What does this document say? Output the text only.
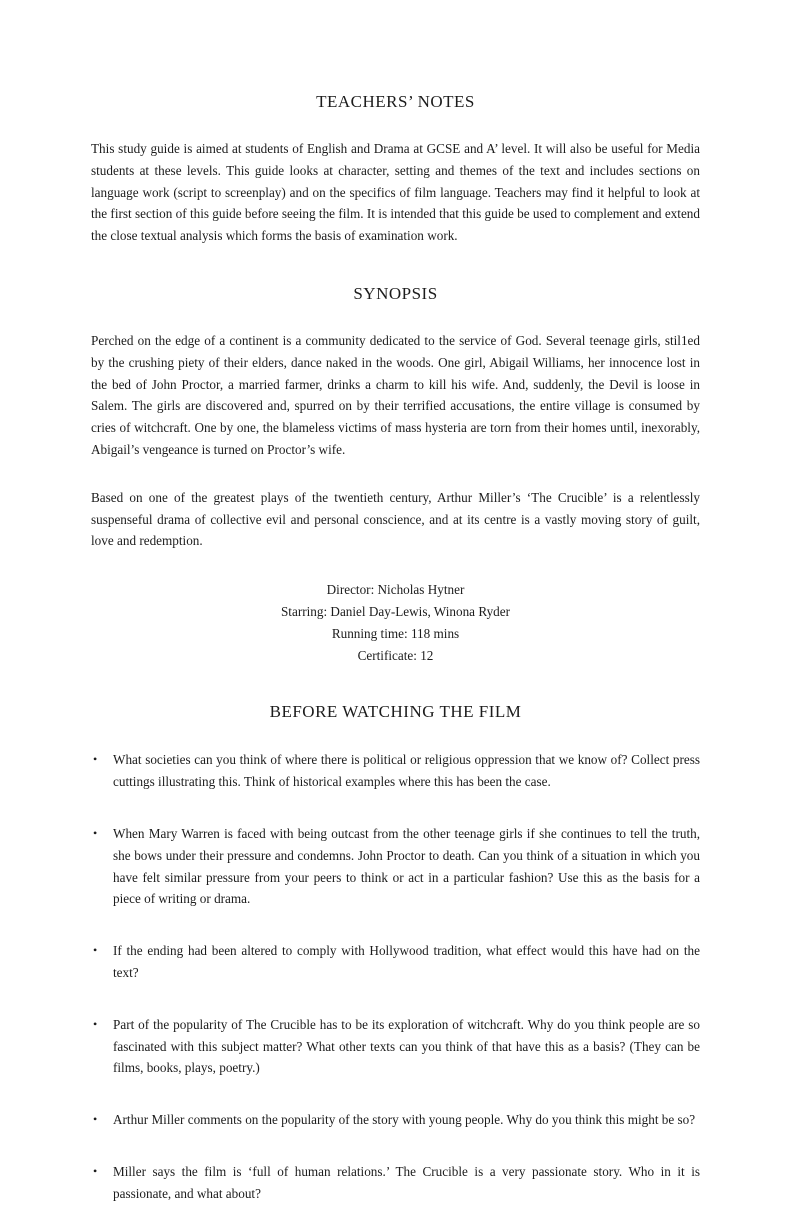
TEACHERS’ NOTES

This study guide is aimed at students of English and Drama at GCSE and A’ level. It will also be useful for Media students at these levels. This guide looks at character, setting and themes of the text and includes sections on language work (script to screenplay) and on the specifics of film language. Teachers may find it helpful to look at the first section of this guide before seeing the film. It is intended that this guide be used to complement and extend the close textual analysis which forms the basis of examination work.

SYNOPSIS

Perched on the edge of a continent is a community dedicated to the service of God. Several teenage girls, stil1ed by the crushing piety of their elders, dance naked in the woods. One girl, Abigail Williams, her innocence lost in the bed of John Proctor, a married farmer, drinks a charm to kill his wife. And, suddenly, the Devil is loose in Salem. The girls are discovered and, spurred on by their terrified accusations, the entire village is consumed by cries of witchcraft. One by one, the blameless victims of mass hysteria are torn from their homes until, inexorably, Abigail’s vengeance is turned on Proctor’s wife.

Based on one of the greatest plays of the twentieth century, Arthur Miller’s ‘The Crucible’ is a relentlessly suspenseful drama of collective evil and personal conscience, and at its centre is a vastly moving story of guilt, love and redemption.

Director: Nicholas Hytner
Starring: Daniel Day-Lewis, Winona Ryder
Running time: 118 mins
Certificate: 12
BEFORE WATCHING THE FILM
•
What societies can you think of where there is political or religious oppression that we know of? Collect press cuttings illustrating this. Think of historical examples where this has been the case.
•
When Mary Warren is faced with being outcast from the other teenage girls if she continues to tell the truth, she bows under their pressure and condemns. John Proctor to death. Can you think of a situation in which you have felt similar pressure from your peers to think or act in a particular fashion? Use this as the basis for a piece of writing or drama.
•
If the ending had been altered to comply with Hollywood tradition, what effect would this have had on the text?
•
Part of the popularity of The Crucible has to be its exploration of witchcraft. Why do you think people are so fascinated with this subject matter? What other texts can you think of that have this as a basis? (They can be films, books, plays, poetry.)
•
Arthur Miller comments on the popularity of the story with young people. Why do you think this might be so?
•
Miller says the film is ‘full of human relations.’ The Crucible is a very passionate story. Who in it is passionate, and what about?
